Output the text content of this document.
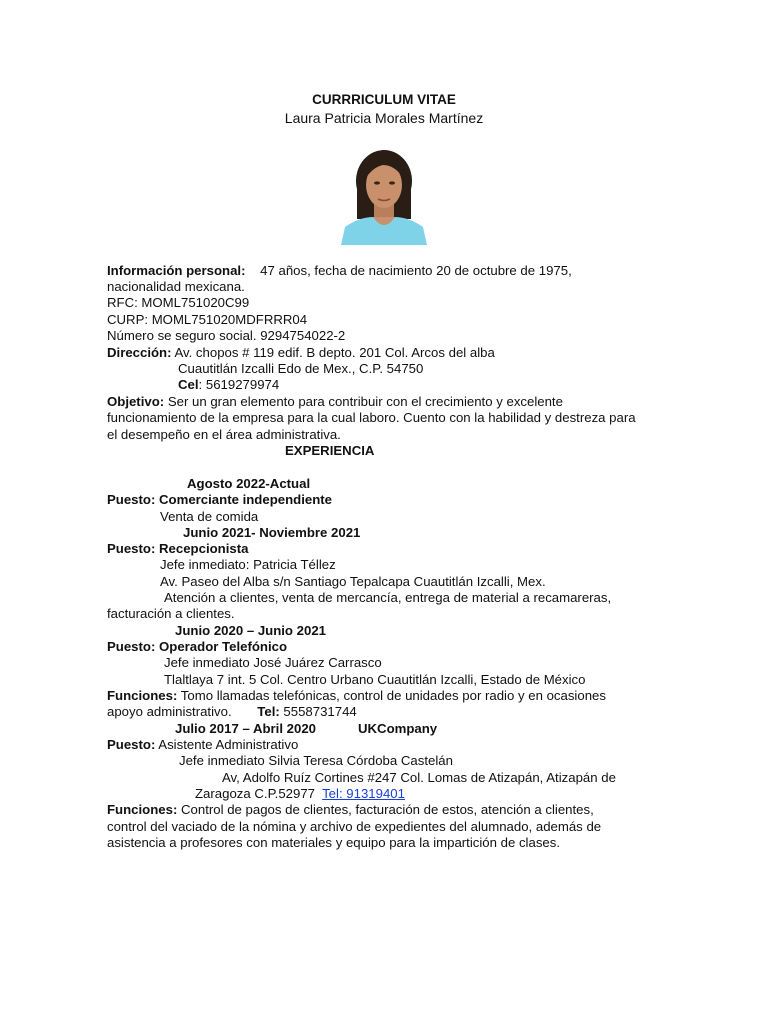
CURRRICULUM VITAE
Laura Patricia Morales Martínez
Información personal: 47 años, fecha de nacimiento 20 de octubre de 1975,
nacionalidad mexicana.
RFC: MOML751020C99
CURP: MOML751020MDFRRR04
Número se seguro social. 9294754022-2
Dirección: Av. chopos # 119 edif. B depto. 201 Col. Arcos del alba
Cuautitlán Izcalli Edo de Mex., C.P. 54750
Cel: 5619279974
Objetivo: Ser un gran elemento para contribuir con el crecimiento y excelente
funcionamiento de la empresa para la cual laboro. Cuento con la habilidad y destreza para
el desempeño en el área administrativa.
EXPERIENCIA
Agosto 2022-Actual
Puesto: Comerciante independiente
Venta de comida
Junio 2021- Noviembre 2021
Puesto: Recepcionista
Jefe inmediato: Patricia Téllez
Av. Paseo del Alba s/n Santiago Tepalcapa Cuautitlán Izcalli, Mex.
Atención a clientes, venta de mercancía, entrega de material a recamareras,
facturación a clientes.
Junio 2020 – Junio 2021
Puesto: Operador Telefónico
Jefe inmediato José Juárez Carrasco
Tlaltlaya 7 int. 5 Col. Centro Urbano Cuautitlán Izcalli, Estado de México
Funciones: Tomo llamadas telefónicas, control de unidades por radio y en ocasiones
apoyo administrativo. Tel: 5558731744
Julio 2017 – Abril 2020	UKCompany
Puesto: Asistente Administrativo
Jefe inmediato Silvia Teresa Córdoba Castelán
Av, Adolfo Ruíz Cortines #247 Col. Lomas de Atizapán, Atizapán de
Zaragoza C.P.52977 Tel: 91319401
Funciones: Control de pagos de clientes, facturación de estos, atención a clientes,
control del vaciado de la nómina y archivo de expedientes del alumnado, además de
asistencia a profesores con materiales y equipo para la impartición de clases.
